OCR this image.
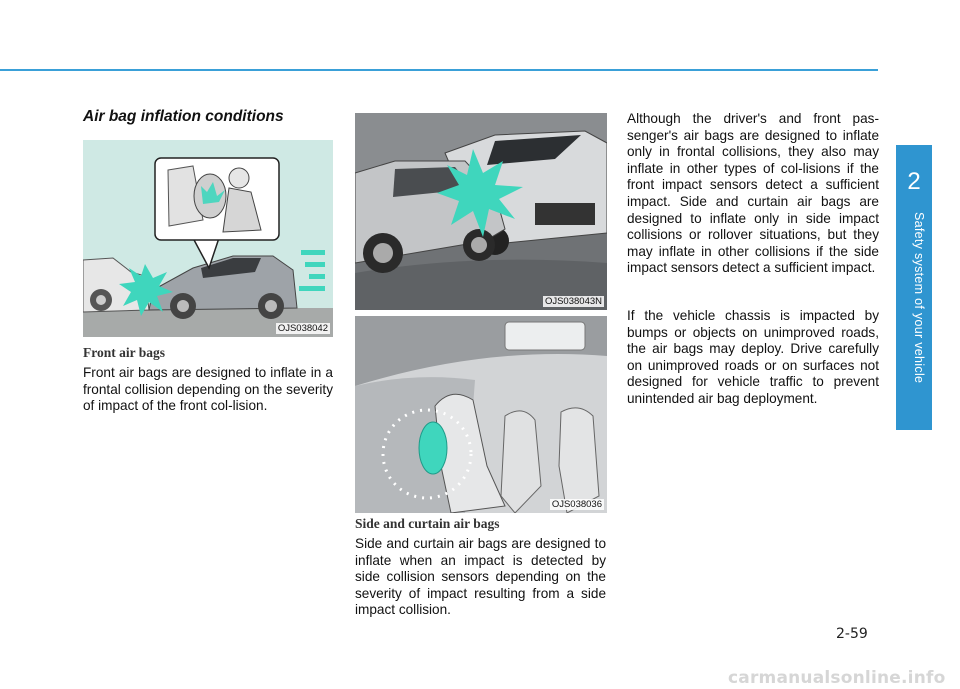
Air bag inflation conditions
OJS038042
Front air bags

Front air bags are designed to inflate in a frontal collision depending on the severity of impact of the front col-lision.

OJS038043N
OJS038036
Side and curtain air bags

Side and curtain air bags are designed to inflate when an impact is detected by side collision sensors depending on the severity of impact resulting from a side impact collision.

Although the driver's and front pas-senger's air bags are designed to inflate only in frontal collisions, they also may inflate in other types of col-lisions if the front impact sensors detect a sufficient impact. Side and curtain air bags are designed to inflate only in side impact collisions or rollover situations, but they may inflate in other collisions if the side impact sensors detect a sufficient impact.

If the vehicle chassis is impacted by bumps or objects on unimproved roads, the air bags may deploy. Drive carefully on unimproved roads or on surfaces not designed for vehicle traffic to prevent unintended air bag deployment.

2
Safety system of your vehicle
2-59
carmanualsonline.info
